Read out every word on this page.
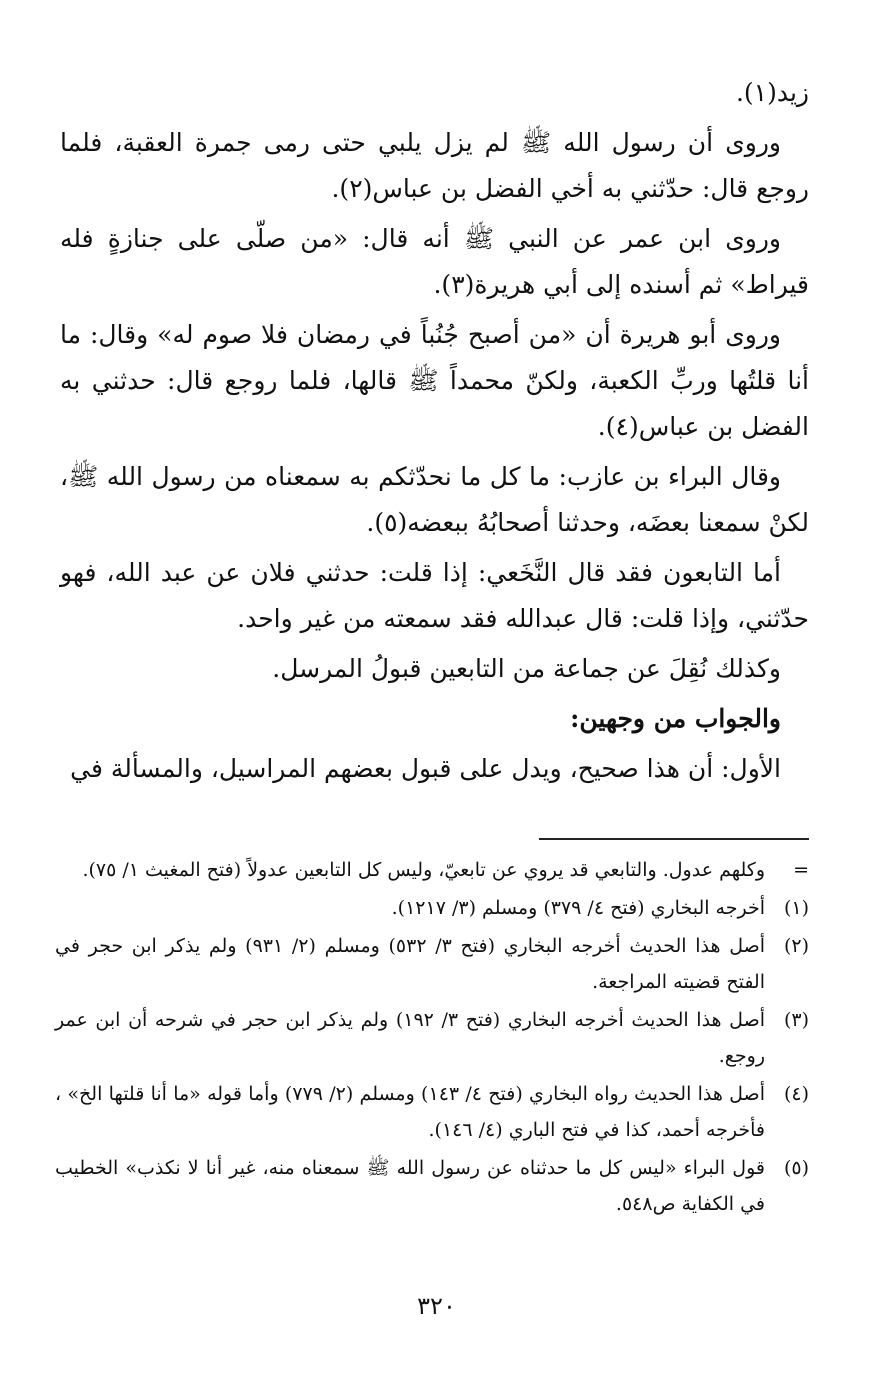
زيد(١).

وروى أن رسول الله ﷺ لم يزل يلبي حتى رمى جمرة العقبة، فلما روجع قال: حدّثني به أخي الفضل بن عباس(٢).

وروى ابن عمر عن النبي ﷺ أنه قال: «من صلّى على جنازةٍ فله قيراط» ثم أسنده إلى أبي هريرة(٣).

وروى أبو هريرة أن «من أصبح جُنُباً في رمضان فلا صوم له» وقال: ما أنا قلتُها وربِّ الكعبة، ولكنّ محمداً ﷺ قالها، فلما روجع قال: حدثني به الفضل بن عباس(٤).

وقال البراء بن عازب: ما كل ما نحدّثكم به سمعناه من رسول الله ﷺ، لكنْ سمعنا بعضَه، وحدثنا أصحابُهُ ببعضه(٥).

أما التابعون فقد قال النَّخَعي: إذا قلت: حدثني فلان عن عبد الله، فهو حدّثني، وإذا قلت: قال عبدالله فقد سمعته من غير واحد.

وكذلك نُقِلَ عن جماعة من التابعين قبولُ المرسل.

والجواب من وجهين:

الأول: أن هذا صحيح، ويدل على قبول بعضهم المراسيل، والمسألة في

=
وكلهم عدول. والتابعي قد يروي عن تابعيّ، وليس كل التابعين عدولاً (فتح المغيث ١/ ٧٥).
(١)
أخرجه البخاري (فتح ٤/ ٣٧٩) ومسلم (٣/ ١٢١٧).
(٢)
أصل هذا الحديث أخرجه البخاري (فتح ٣/ ٥٣٢) ومسلم (٢/ ٩٣١) ولم يذكر ابن حجر في الفتح قضيته المراجعة.
(٣)
أصل هذا الحديث أخرجه البخاري (فتح ٣/ ١٩٢) ولم يذكر ابن حجر في شرحه أن ابن عمر روجع.
(٤)
أصل هذا الحديث رواه البخاري (فتح ٤/ ١٤٣) ومسلم (٢/ ٧٧٩) وأما قوله «ما أنا قلتها الخ» ، فأخرجه أحمد، كذا في فتح الباري (٤/ ١٤٦).
(٥)
قول البراء «ليس كل ما حدثناه عن رسول الله ﷺ سمعناه منه، غير أنا لا نكذب» الخطيب في الكفاية ص٥٤٨.
٣٢٠
